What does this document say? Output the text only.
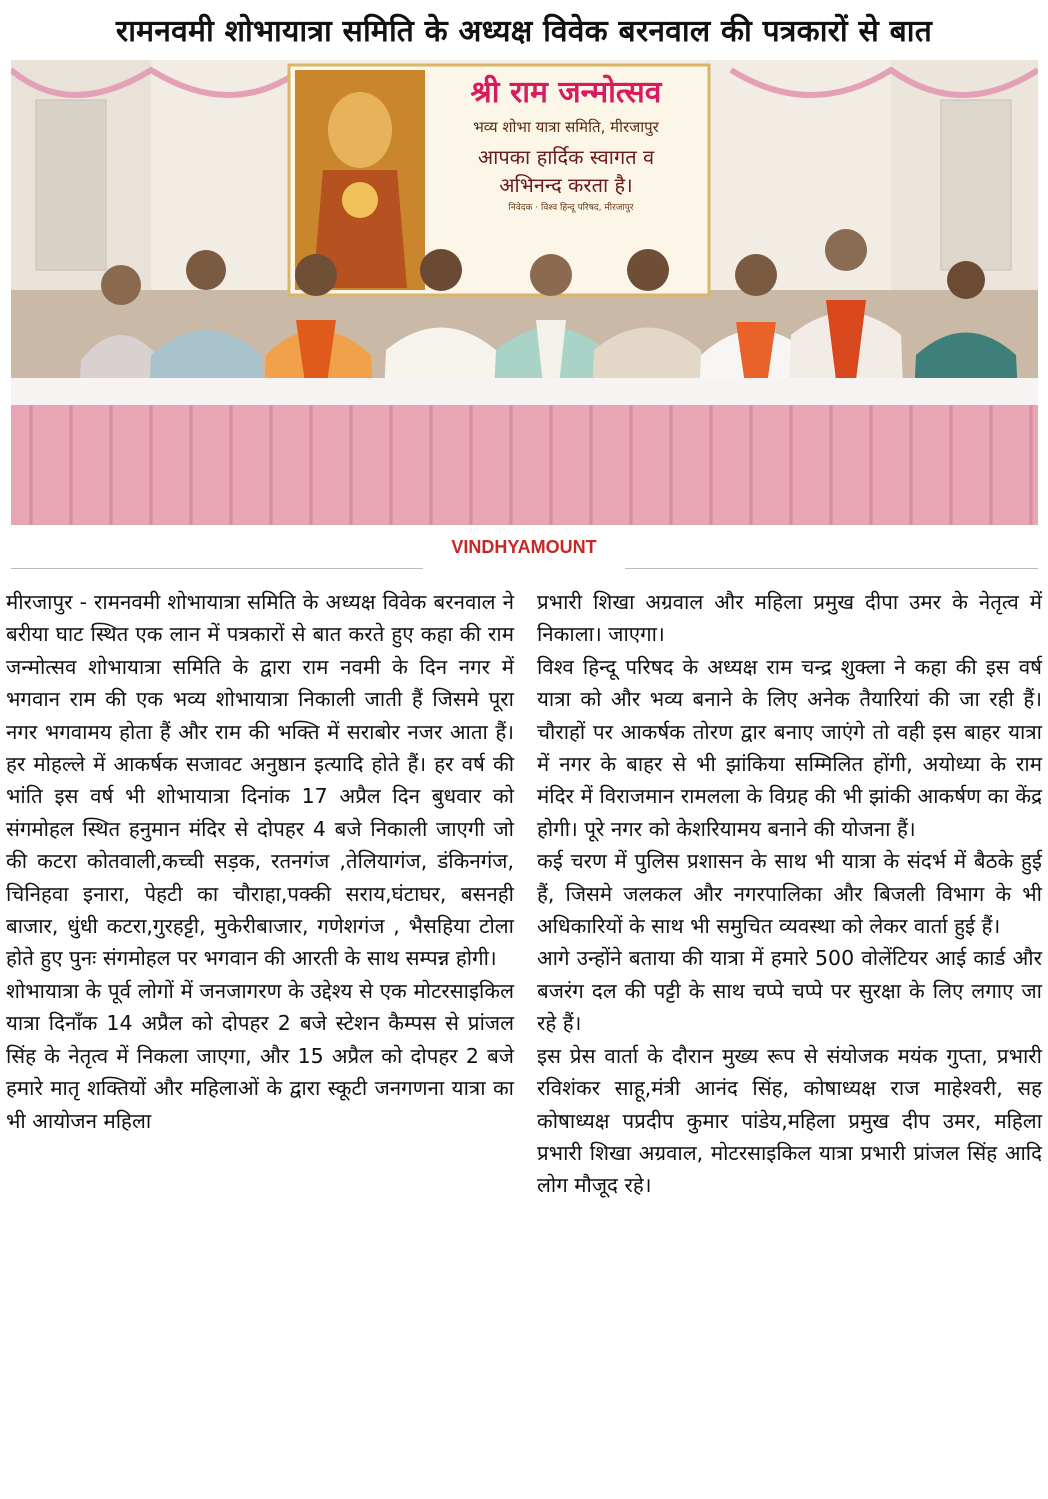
रामनवमी शोभायात्रा समिति के अध्यक्ष विवेक बरनवाल की पत्रकारों से बात
श्री राम जन्मोत्सव
भव्य शोभा यात्रा समिति, मीरजापुर
आपका हार्दिक स्वागत व
अभिनन्द करता है।
निवेदक · विश्व हिन्दू परिषद, मीरजापुर
VINDHYAMOUNT

मीरजापुर - रामनवमी शोभायात्रा समिति के अध्यक्ष विवेक बरनवाल ने बरीया घाट स्थित एक लान में पत्रकारों से बात करते हुए कहा की राम जन्मोत्सव शोभायात्रा समिति के द्वारा राम नवमी के दिन नगर में भगवान राम की एक भव्य शोभायात्रा निकाली जाती हैं जिसमे पूरा नगर भगवामय होता हैं और राम की भक्ति में सराबोर नजर आता हैं। हर मोहल्ले में आकर्षक सजावट अनुष्ठान इत्यादि होते हैं। हर वर्ष की भांति इस वर्ष भी शोभायात्रा दिनांक 17 अप्रैल दिन बुधवार को संगमोहल स्थित हनुमान मंदिर से दोपहर 4 बजे निकाली जाएगी जो की कटरा कोतवाली,कच्ची सड़क, रतनगंज ,तेलियागंज, डंकिनगंज, चिनिहवा इनारा, पेहटी का चौराहा,पक्की सराय,घंटाघर, बसनही बाजार, धुंधी कटरा,गुरहट्टी, मुकेरीबाजार, गणेशगंज , भैसहिया टोला होते हुए पुनः संगमोहल पर भगवान की आरती के साथ सम्पन्न होगी।

शोभायात्रा के पूर्व लोगों में जनजागरण के उद्देश्य से एक मोटरसाइकिल यात्रा दिनाँक 14 अप्रैल को दोपहर 2 बजे स्टेशन कैम्पस से प्रांजल सिंह के नेतृत्व में निकला जाएगा, और 15 अप्रैल को दोपहर 2 बजे हमारे मातृ शक्तियों और महिलाओं के द्वारा स्कूटी जनगणना यात्रा का भी आयोजन महिला

प्रभारी शिखा अग्रवाल और महिला प्रमुख दीपा उमर के नेतृत्व में निकाला। जाएगा।

विश्व हिन्दू परिषद के अध्यक्ष राम चन्द्र शुक्ला ने कहा की इस वर्ष यात्रा को और भव्य बनाने के लिए अनेक तैयारियां की जा रही हैं। चौराहों पर आकर्षक तोरण द्वार बनाए जाएंगे तो वही इस बाहर यात्रा में नगर के बाहर से भी झांकिया सम्मिलित होंगी, अयोध्या के राम मंदिर में विराजमान रामलला के विग्रह की भी झांकी आकर्षण का केंद्र होगी। पूरे नगर को केशरियामय बनाने की योजना हैं।

कई चरण में पुलिस प्रशासन के साथ भी यात्रा के संदर्भ में बैठके हुई हैं, जिसमे जलकल और नगरपालिका और बिजली विभाग के भी अधिकारियों के साथ भी समुचित व्यवस्था को लेकर वार्ता हुई हैं।

आगे उन्होंने बताया की यात्रा में हमारे 500 वोलेंटियर आई कार्ड और बजरंग दल की पट्टी के साथ चप्पे चप्पे पर सुरक्षा के लिए लगाए जा रहे हैं।

इस प्रेस वार्ता के दौरान मुख्य रूप से संयोजक मयंक गुप्ता, प्रभारी रविशंकर साहू,मंत्री आनंद सिंह, कोषाध्यक्ष राज माहेश्वरी, सह कोषाध्यक्ष पप्रदीप कुमार पांडेय,महिला प्रमुख दीप उमर, महिला प्रभारी शिखा अग्रवाल, मोटरसाइकिल यात्रा प्रभारी प्रांजल सिंह आदि लोग मौजूद रहे।
